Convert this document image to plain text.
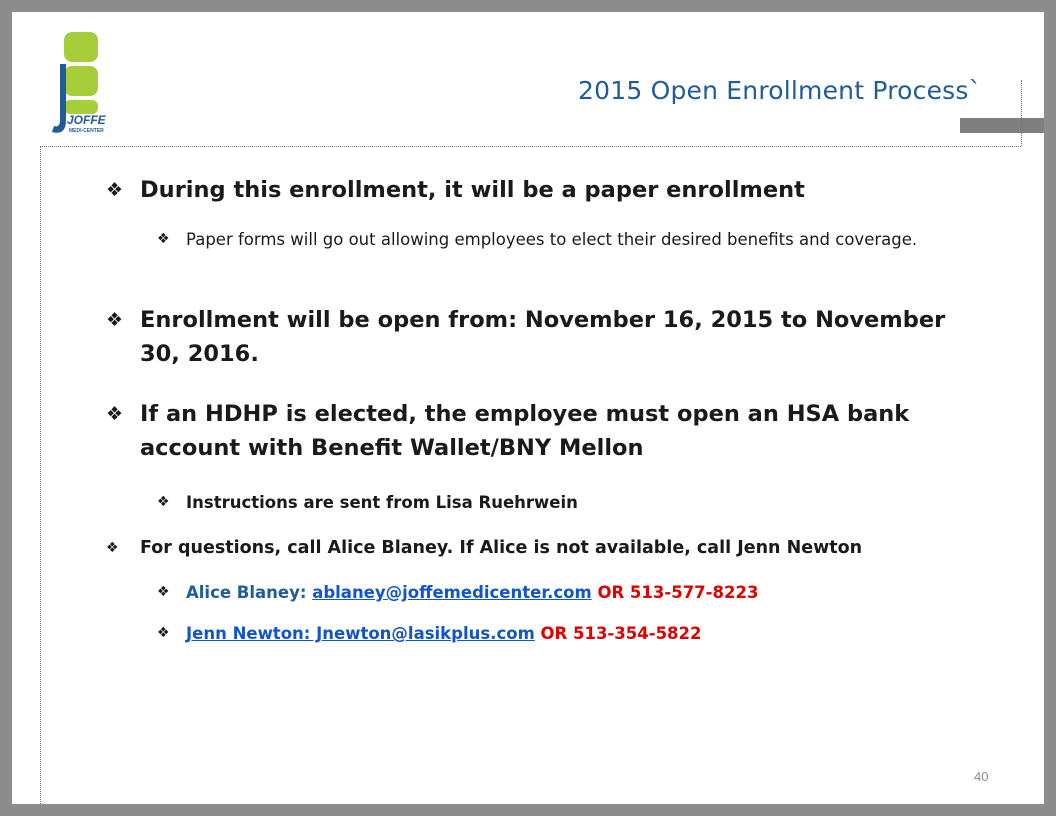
JOFFE
MEDI-CENTER
2015 Open Enrollment Process`
❖ During this enrollment, it will be a paper enrollment
❖ Paper forms will go out allowing employees to elect their desired benefits and coverage.
❖ Enrollment will be open from: November 16, 2015 to November 30, 2016.
❖ If an HDHP is elected, the employee must open an HSA bank account with Benefit Wallet/BNY Mellon
❖ Instructions are sent from Lisa Ruehrwein
❖ For questions, call Alice Blaney. If Alice is not available, call Jenn Newton
❖ Alice Blaney: ablaney@joffemedicenter.com OR 513-577-8223
❖ Jenn Newton: Jnewton@lasikplus.com OR 513-354-5822
40
